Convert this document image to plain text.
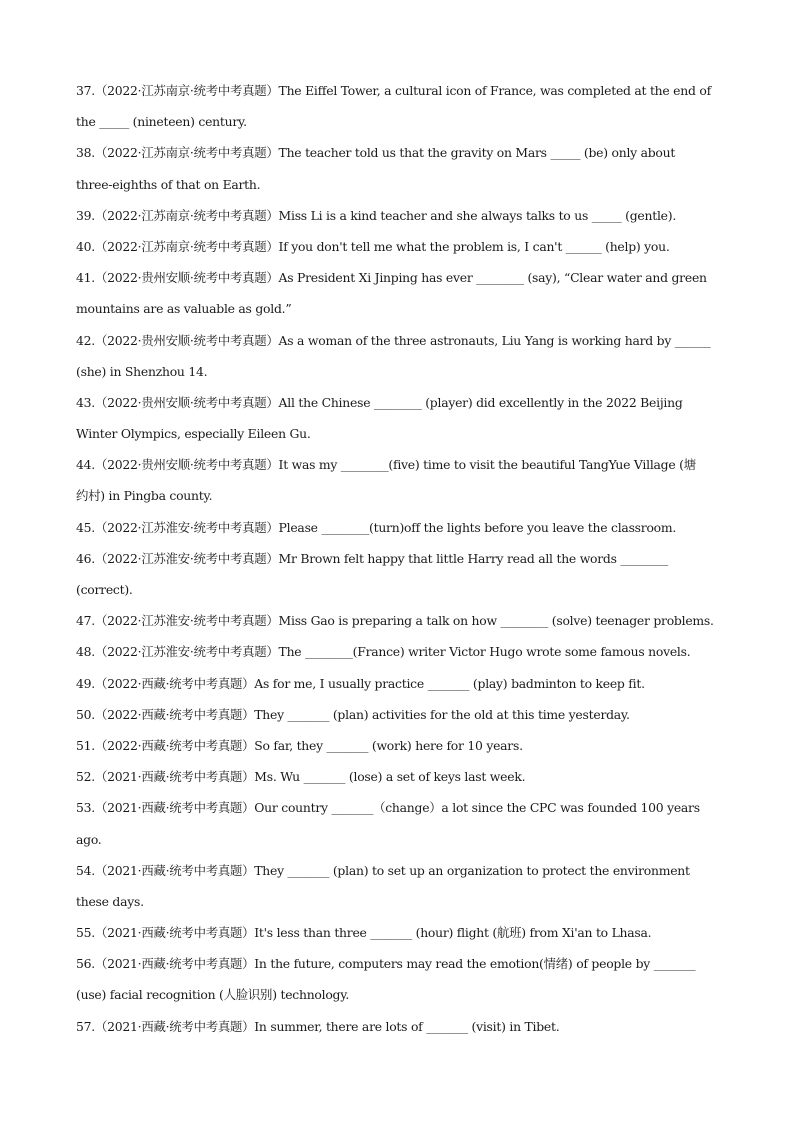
37.（2022·江苏南京·统考中考真题）The Eiffel Tower, a cultural icon of France, was completed at the end of
the _____ (nineteen) century.
38.（2022·江苏南京·统考中考真题）The teacher told us that the gravity on Mars _____ (be) only about
three-eighths of that on Earth.
39.（2022·江苏南京·统考中考真题）Miss Li is a kind teacher and she always talks to us _____ (gentle).
40.（2022·江苏南京·统考中考真题）If you don't tell me what the problem is, I can't ______ (help) you.
41.（2022·贵州安顺·统考中考真题）As President Xi Jinping has ever ________ (say), “Clear water and green
mountains are as valuable as gold.”
42.（2022·贵州安顺·统考中考真题）As a woman of the three astronauts, Liu Yang is working hard by ______
(she) in Shenzhou 14.
43.（2022·贵州安顺·统考中考真题）All the Chinese ________ (player) did excellently in the 2022 Beijing
Winter Olympics, especially Eileen Gu.
44.（2022·贵州安顺·统考中考真题）It was my ________(five) time to visit the beautiful TangYue Village (塘
约村) in Pingba county.
45.（2022·江苏淮安·统考中考真题）Please ________(turn)off the lights before you leave the classroom.
46.（2022·江苏淮安·统考中考真题）Mr Brown felt happy that little Harry read all the words ________
(correct).
47.（2022·江苏淮安·统考中考真题）Miss Gao is preparing a talk on how ________ (solve) teenager problems.
48.（2022·江苏淮安·统考中考真题）The ________(France) writer Victor Hugo wrote some famous novels.
49.（2022·西藏·统考中考真题）As for me, I usually practice _______ (play) badminton to keep fit.
50.（2022·西藏·统考中考真题）They _______ (plan) activities for the old at this time yesterday.
51.（2022·西藏·统考中考真题）So far, they _______ (work) here for 10 years.
52.（2021·西藏·统考中考真题）Ms. Wu _______ (lose) a set of keys last week.
53.（2021·西藏·统考中考真题）Our country _______（change）a lot since the CPC was founded 100 years
ago.
54.（2021·西藏·统考中考真题）They _______ (plan) to set up an organization to protect the environment
these days.
55.（2021·西藏·统考中考真题）It's less than three _______ (hour) flight (航班) from Xi'an to Lhasa.
56.（2021·西藏·统考中考真题）In the future, computers may read the emotion(情绪) of people by _______
(use) facial recognition (人脸识别) technology.
57.（2021·西藏·统考中考真题）In summer, there are lots of _______ (visit) in Tibet.
